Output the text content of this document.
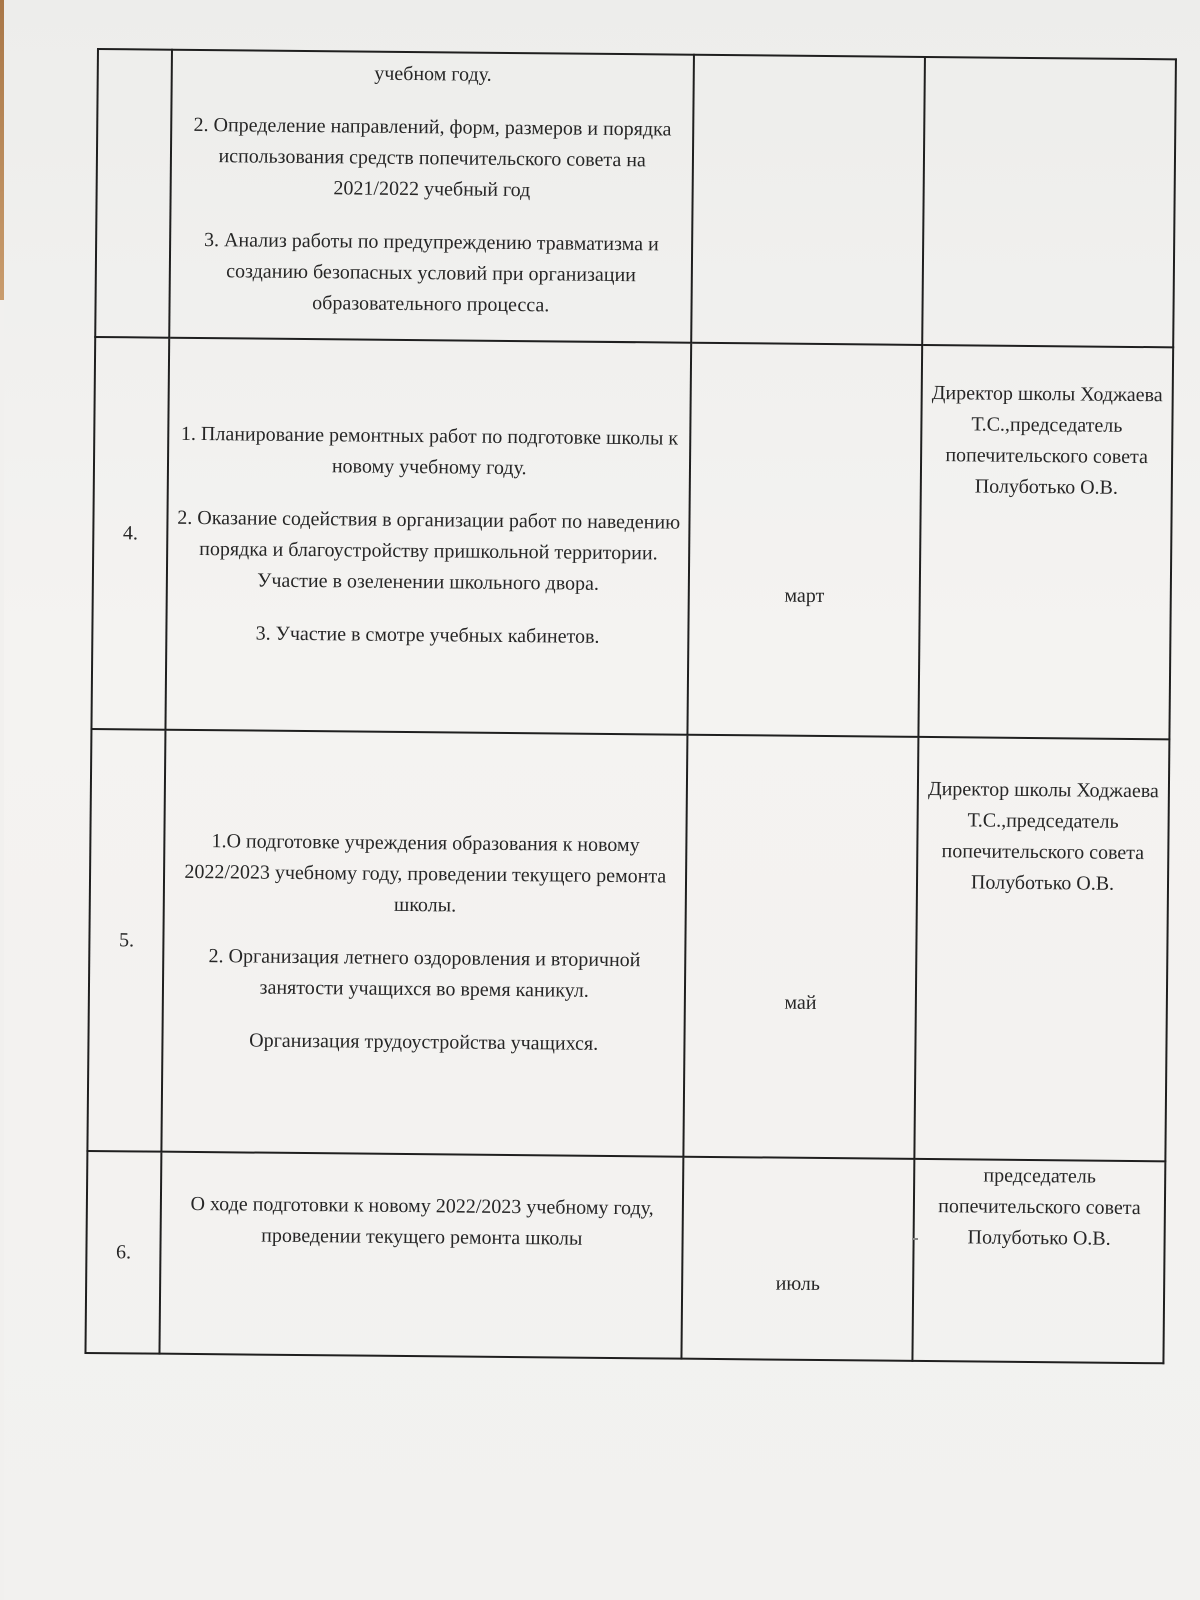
	учебном году.
2. Определение направлений, форм, размеров и порядка использования средств попечительского совета на 2021/2022 учебный год
3. Анализ работы по предупреждению травматизма и созданию безопасных условий при организации образовательного процесса.		

4.	1. Планирование ремонтных работ по подготовке школы к новому учебному году.
2. Оказание содействия в организации работ по наведению порядка и благоустройству пришкольной территории. Участие в озеленении школьного двора.
3. Участие в смотре учебных кабинетов.	март	Директор школы Ходжаева Т.С.,председатель попечительского совета Полуботько О.В.
5.	1.О подготовке учреждения образования к новому 2022/2023 учебному году, проведении текущего ремонта школы.
2. Организация летнего оздоровления и вторичной занятости учащихся во время каникул.
Организация трудоустройства учащихся.	май	Директор школы Ходжаева Т.С.,председатель попечительского совета Полуботько О.В.
6.	О ходе подготовки к новому 2022/2023 учебному году, проведении текущего ремонта школы	июль	председатель попечительского совета Полуботько О.В.
